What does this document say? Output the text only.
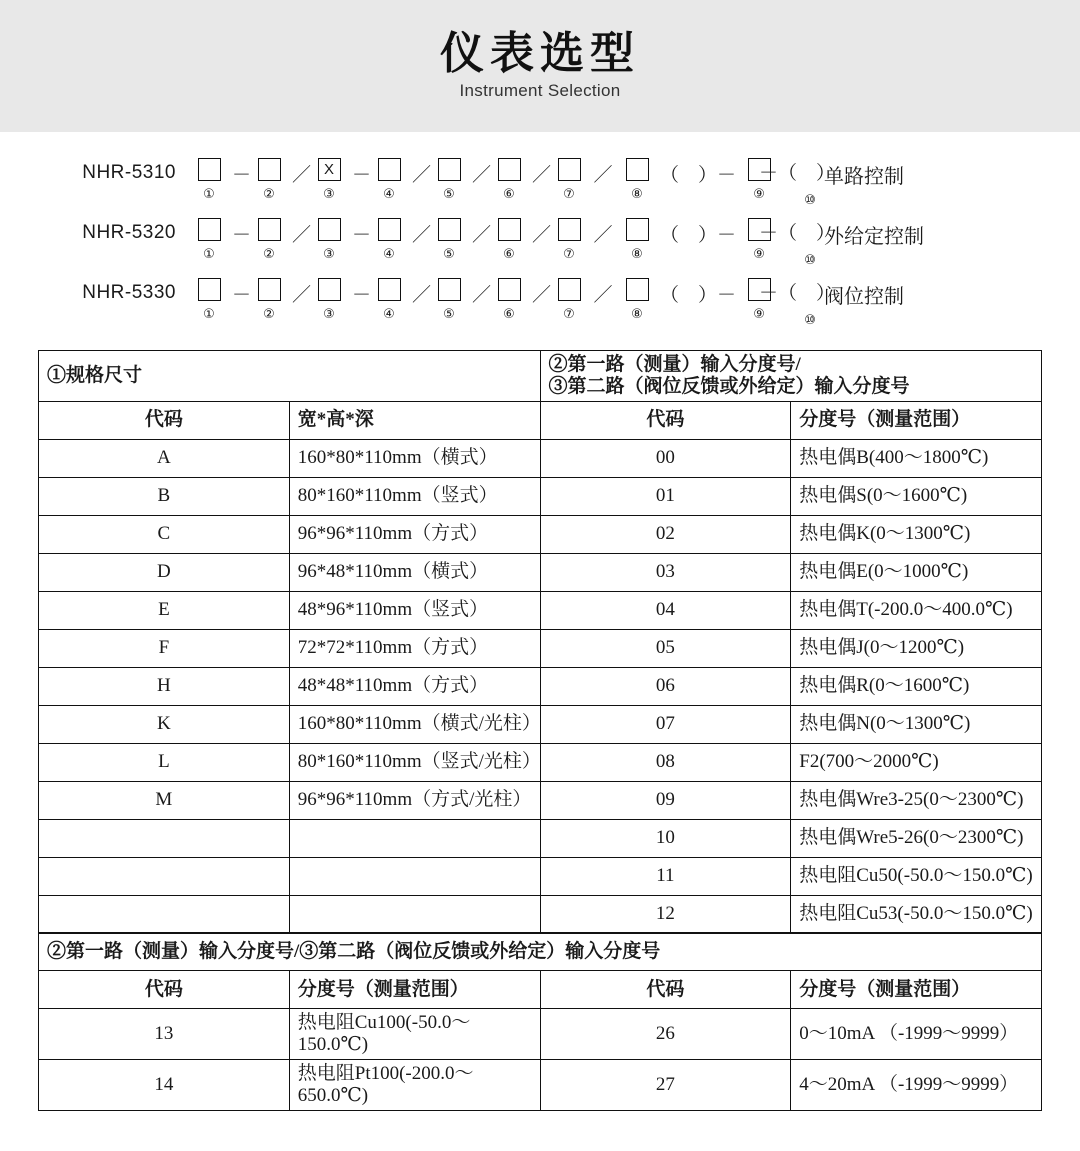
仪表选型
Instrument Selection
NHR-5310
①
－
②
／ X
③
－
④
／
⑤
／
⑥
／
⑦
／
⑧
（　 ）－
⑨
－（　）
⑩
单路控制
NHR-5320
①
－
②
／
③
－
④
／
⑤
／
⑥
／
⑦
／
⑧
（　 ）－
⑨
－（　）
⑩
外给定控制
NHR-5330
①
－
②
／
③
－
④
／
⑤
／
⑥
／
⑦
／
⑧
（　 ）－
⑨
－（　）
⑩
阀位控制
①规格尺寸		②第一路（测量）输入分度号/
③第二路（阀位反馈或外给定）输入分度号	

代码	宽*高*深	代码	分度号（测量范围）
A	160*80*110mm（横式）	00	热电偶B(400～1800℃)
B	80*160*110mm（竖式）	01	热电偶S(0～1600℃)
C	96*96*110mm（方式）	02	热电偶K(0～1300℃)
D	96*48*110mm（横式）	03	热电偶E(0～1000℃)
E	48*96*110mm（竖式）	04	热电偶T(-200.0～400.0℃)
F	72*72*110mm（方式）	05	热电偶J(0～1200℃)
H	48*48*110mm（方式）	06	热电偶R(0～1600℃)
K	160*80*110mm（横式/光柱）	07	热电偶N(0～1300℃)
L	80*160*110mm（竖式/光柱）	08	F2(700～2000℃)
M	96*96*110mm（方式/光柱）	09	热电偶Wre3-25(0～2300℃)
		10	热电偶Wre5-26(0～2300℃)
		11	热电阻Cu50(-50.0～150.0℃)
		12	热电阻Cu53(-50.0～150.0℃)
②第一路（测量）输入分度号/③第二路（阀位反馈或外给定）输入分度号			
代码	分度号（测量范围）	代码	分度号（测量范围）
13	热电阻Cu100(-50.0～150.0℃)	26	0～10mA （-1999～9999）
14	热电阻Pt100(-200.0～650.0℃)	27	4～20mA （-1999～9999）
